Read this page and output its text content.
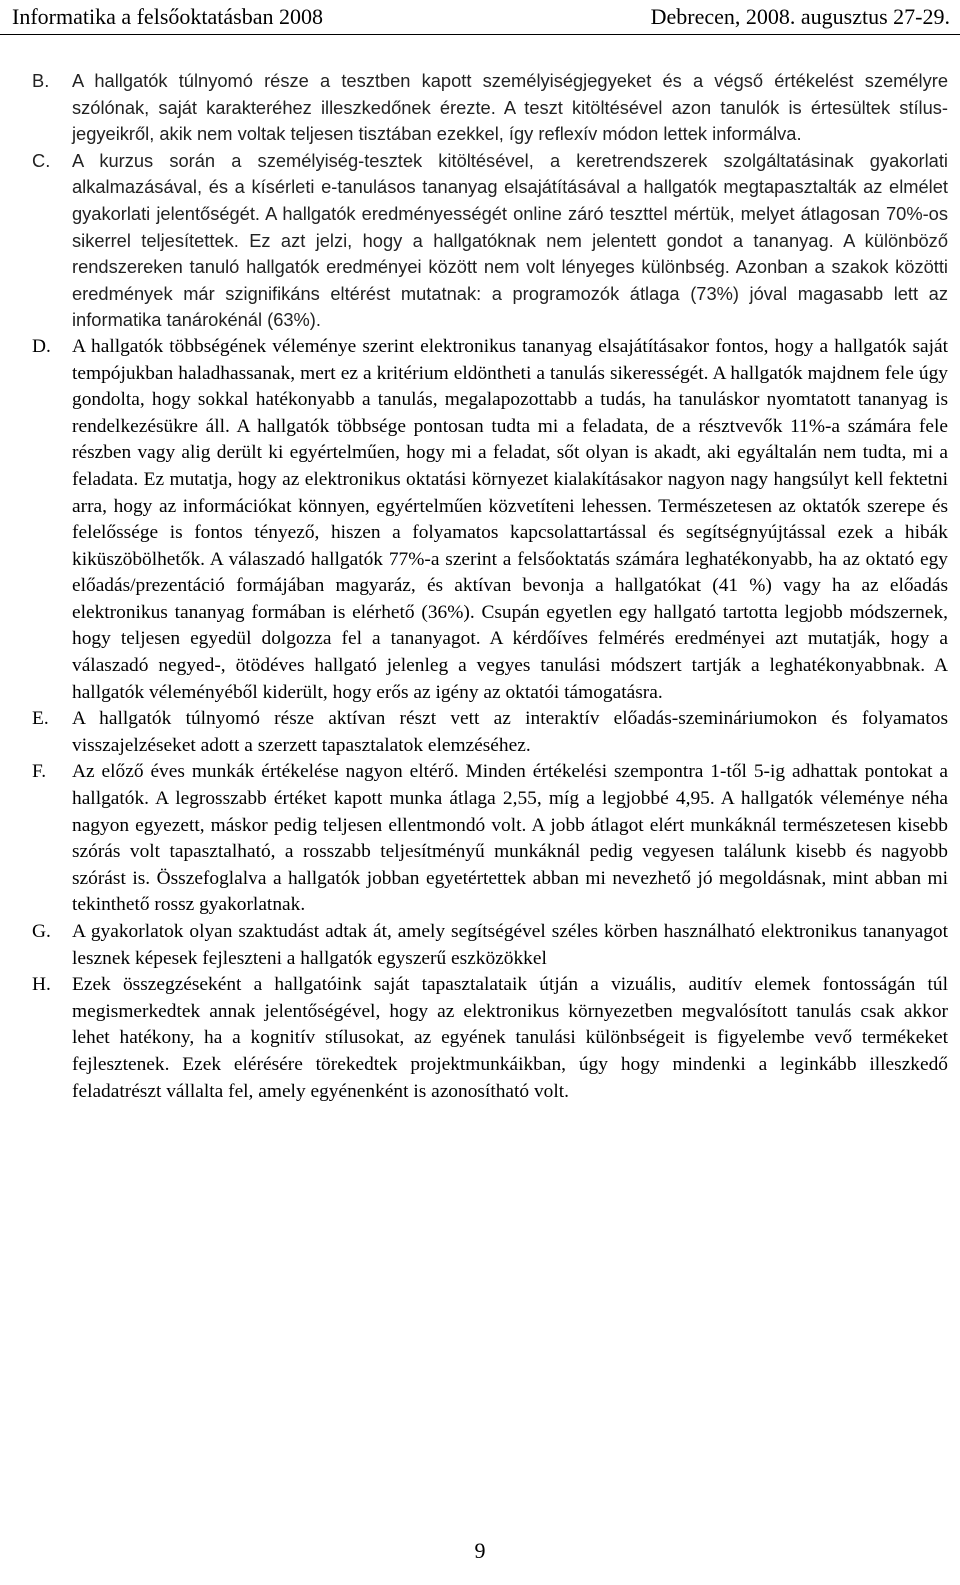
Informatika a felsőoktatásban 2008	Debrecen, 2008. augusztus 27-29.
B. A hallgatók túlnyomó része a tesztben kapott személyiségjegyeket és a végső értékelést személyre szólónak, saját karakteréhez illeszkedőnek érezte. A teszt kitöltésével azon tanulók is értesültek stílus-jegyeikről, akik nem voltak teljesen tisztában ezekkel, így reflexív módon lettek informálva.
C. A kurzus során a személyiség-tesztek kitöltésével, a keretrendszerek szolgáltatásinak gyakorlati alkalmazásával, és a kísérleti e-tanulásos tananyag elsajátításával a hallgatók megtapasztalták az elmélet gyakorlati jelentőségét. A hallgatók eredményességét online záró teszttel mértük, melyet átlagosan 70%-os sikerrel teljesítettek. Ez azt jelzi, hogy a hallgatóknak nem jelentett gondot a tananyag. A különböző rendszereken tanuló hallgatók eredményei között nem volt lényeges különbség. Azonban a szakok közötti eredmények már szignifikáns eltérést mutatnak: a programozók átlaga (73%) jóval magasabb lett az informatika tanárokénál (63%).
D. A hallgatók többségének véleménye szerint elektronikus tananyag elsajátításakor fontos, hogy a hallgatók saját tempójukban haladhassanak, mert ez a kritérium eldöntheti a tanulás sikerességét. A hallgatók majdnem fele úgy gondolta, hogy sokkal hatékonyabb a tanulás, megalapozottabb a tudás, ha tanuláskor nyomtatott tananyag is rendelkezésükre áll. A hallgatók többsége pontosan tudta mi a feladata, de a résztvevők 11%-a számára fele részben vagy alig derült ki egyértelműen, hogy mi a feladat, sőt olyan is akadt, aki egyáltalán nem tudta, mi a feladata. Ez mutatja, hogy az elektronikus oktatási környezet kialakításakor nagyon nagy hangsúlyt kell fektetni arra, hogy az információkat könnyen, egyértelműen közvetíteni lehessen. Természetesen az oktatók szerepe és felelőssége is fontos tényező, hiszen a folyamatos kapcsolattartással és segítségnyújtással ezek a hibák kiküszöbölhetők. A válaszadó hallgatók 77%-a szerint a felsőoktatás számára leghatékonyabb, ha az oktató egy előadás/prezentáció formájában magyaráz, és aktívan bevonja a hallgatókat (41 %) vagy ha az előadás elektronikus tananyag formában is elérhető (36%). Csupán egyetlen egy hallgató tartotta legjobb módszernek, hogy teljesen egyedül dolgozza fel a tananyagot. A kérdőíves felmérés eredményei azt mutatják, hogy a válaszadó negyed-, ötödéves hallgató jelenleg a vegyes tanulási módszert tartják a leghatékonyabbnak. A hallgatók véleményéből kiderült, hogy erős az igény az oktatói támogatásra.
E. A hallgatók túlnyomó része aktívan részt vett az interaktív előadás-szemináriumokon és folyamatos visszajelzéseket adott a szerzett tapasztalatok elemzéséhez.
F. Az előző éves munkák értékelése nagyon eltérő. Minden értékelési szempontra 1-től 5-ig adhattak pontokat a hallgatók. A legrosszabb értéket kapott munka átlaga 2,55, míg a legjobbé 4,95. A hallgatók véleménye néha nagyon egyezett, máskor pedig teljesen ellentmondó volt. A jobb átlagot elért munkáknál természetesen kisebb szórás volt tapasztalható, a rosszabb teljesítményű munkáknál pedig vegyesen találunk kisebb és nagyobb szórást is. Összefoglalva a hallgatók jobban egyetértettek abban mi nevezhető jó megoldásnak, mint abban mi tekinthető rossz gyakorlatnak.
G. A gyakorlatok olyan szaktudást adtak át, amely segítségével széles körben használható elektronikus tananyagot lesznek képesek fejleszteni a hallgatók egyszerű eszközökkel
H. Ezek összegzéseként a hallgatóink saját tapasztalataik útján a vizuális, auditív elemek fontosságán túl megismerkedtek annak jelentőségével, hogy az elektronikus környezetben megvalósított tanulás csak akkor lehet hatékony, ha a kognitív stílusokat, az egyének tanulási különbségeit is figyelembe vevő termékeket fejlesztenek. Ezek elérésére törekedtek projektmunkáikban, úgy hogy mindenki a leginkább illeszkedő feladatrészt vállalta fel, amely egyénenként is azonosítható volt.
9
